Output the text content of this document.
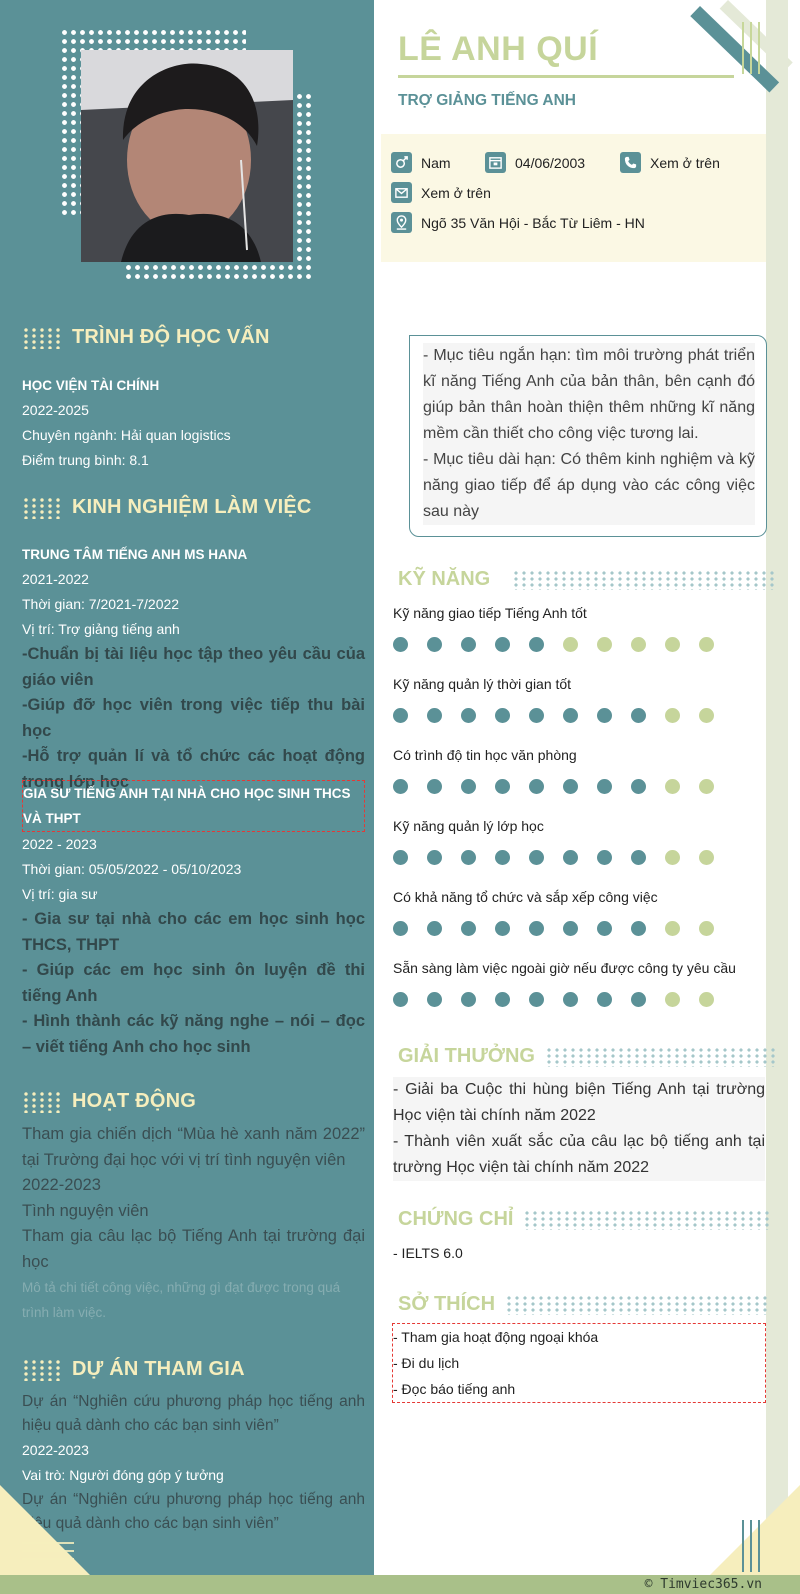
TRÌNH ĐỘ HỌC VẤN
HỌC VIỆN TÀI CHÍNH
2022-2025
Chuyên ngành: Hải quan logistics
Điểm trung bình: 8.1
KINH NGHIỆM LÀM VIỆC
TRUNG TÂM TIẾNG ANH MS HANA
2021-2022
Thời gian: 7/2021-7/2022
Vị trí: Trợ giảng tiếng anh
-Chuẩn bị tài liệu học tập theo yêu cầu của giáo viên
-Giúp đỡ học viên trong việc tiếp thu bài học
-Hỗ trợ quản lí và tổ chức các hoạt động trong lớp học
GIA SƯ TIẾNG ANH TẠI NHÀ CHO HỌC SINH THCS VÀ THPT
2022 - 2023
Thời gian: 05/05/2022 - 05/10/2023
Vị trí: gia sư
- Gia sư tại nhà cho các em học sinh học THCS, THPT
- Giúp các em học sinh ôn luyện đề thi tiếng Anh
- Hình thành các kỹ năng nghe – nói – đọc – viết tiếng Anh cho học sinh
HOẠT ĐỘNG
Tham gia chiến dịch “Mùa hè xanh năm 2022” tại Trường đại học với vị trí tình nguyện viên
2022-2023
Tình nguyện viên
Tham gia câu lạc bộ Tiếng Anh tại trường đại học
Mô tả chi tiết công việc, những gì đạt được trong quá trình làm việc.
DỰ ÁN THAM GIA
Dự án “Nghiên cứu phương pháp học tiếng anh hiệu quả dành cho các bạn sinh viên”
2022-2023
Vai trò: Người đóng góp ý tưởng
Dự án “Nghiên cứu phương pháp học tiếng anh hiệu quả dành cho các bạn sinh viên”
LÊ ANH QUÍ
TRỢ GIẢNG TIẾNG ANH
Nam	04/06/2003	Xem ở trên
Xem ở trên
Ngõ 35 Văn Hội - Bắc Từ Liêm - HN

- Mục tiêu ngắn hạn: tìm môi trường phát triển kĩ năng Tiếng Anh của bản thân, bên cạnh đó giúp bản thân hoàn thiện thêm những kĩ năng mềm cần thiết cho công việc tương lai.

- Mục tiêu dài hạn: Có thêm kinh nghiệm và kỹ năng giao tiếp để áp dụng vào các công việc sau này

KỸ NĂNG
Kỹ năng giao tiếp Tiếng Anh tốt
Kỹ năng quản lý thời gian tốt
Có trình độ tin học văn phòng
Kỹ năng quản lý lớp học
Có khả năng tổ chức và sắp xếp công việc
Sẵn sàng làm việc ngoài giờ nếu được công ty yêu cầu
GIẢI THƯỞNG

- Giải ba Cuộc thi hùng biện Tiếng Anh tại trường Học viện tài chính năm 2022

- Thành viên xuất sắc của câu lạc bộ tiếng anh tại trường Học viện tài chính năm 2022

CHỨNG CHỈ
- IELTS 6.0
SỞ THÍCH
- Tham gia hoạt động ngoại khóa
- Đi du lịch
- Đọc báo tiếng anh
© Timviec365.vn
